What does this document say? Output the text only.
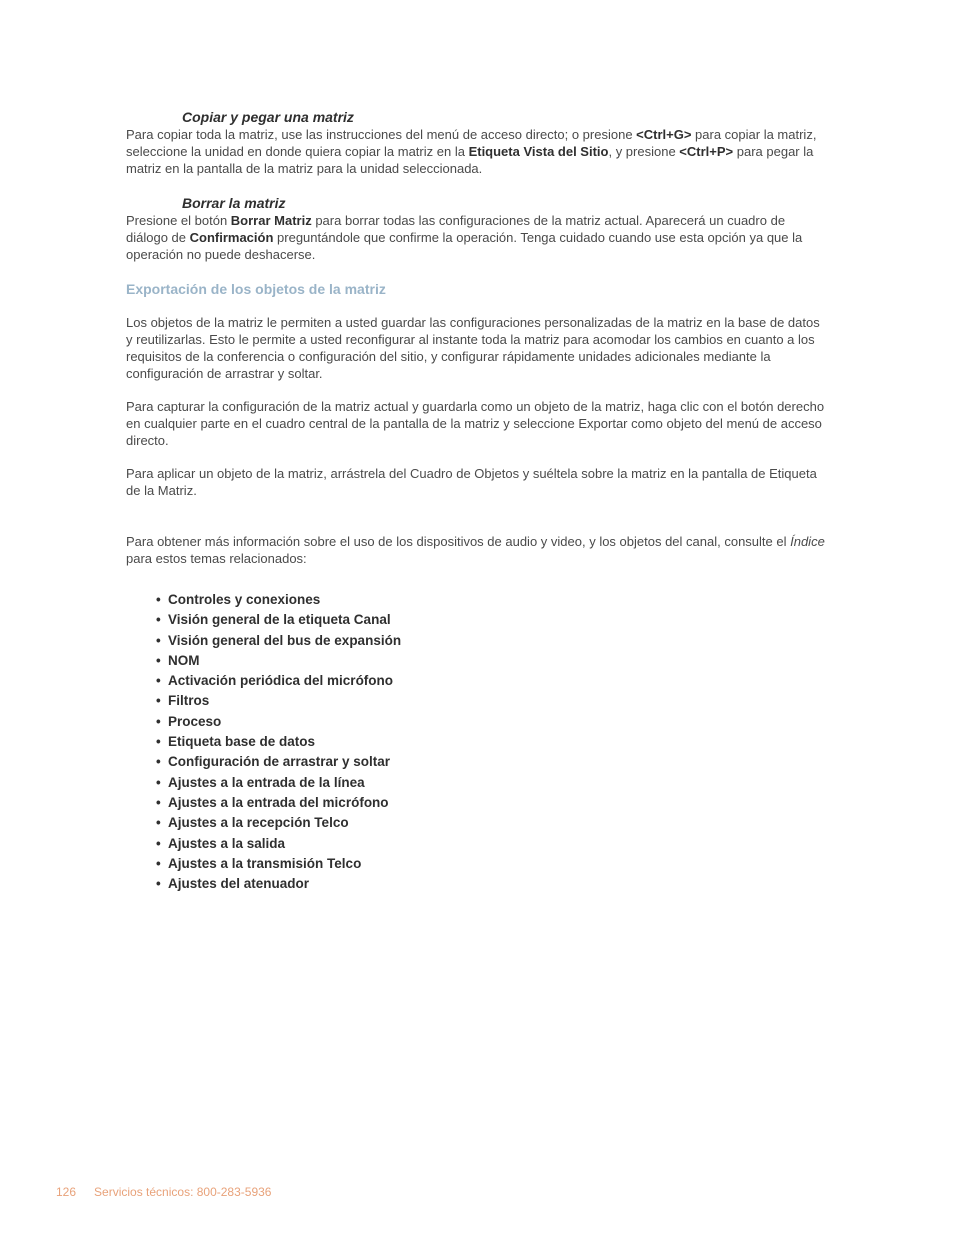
Copiar y pegar una matriz

Para copiar toda la matriz, use las instrucciones del menú de acceso directo; o presione <Ctrl+G> para copiar la matriz, seleccione la unidad en donde quiera copiar la matriz en la Etiqueta Vista del Sitio, y presione <Ctrl+P> para pegar la matriz en la pantalla de la matriz para la unidad seleccionada.

Borrar la matriz

Presione el botón Borrar Matriz para borrar todas las configuraciones de la matriz actual. Aparecerá un cuadro de diálogo de Confirmación preguntándole que confirme la operación. Tenga cuidado cuando use esta opción ya que la operación no puede deshacerse.

Exportación de los objetos de la matriz

Los objetos de la matriz le permiten a usted guardar las configuraciones personalizadas de la matriz en la base de datos y reutilizarlas. Esto le permite a usted reconfigurar al instante toda la matriz para acomodar los cambios en cuanto a los requisitos de la conferencia o configuración del sitio, y configurar rápidamente unidades adicionales mediante la configuración de arrastrar y soltar.

Para capturar la configuración de la matriz actual y guardarla como un objeto de la matriz, haga clic con el botón derecho en cualquier parte en el cuadro central de la pantalla de la matriz y seleccione Exportar como objeto del menú de acceso directo.

Para aplicar un objeto de la matriz, arrástrela del Cuadro de Objetos y suéltela sobre la matriz en la pantalla de Etiqueta de la Matriz.

Para obtener más información sobre el uso de los dispositivos de audio y video, y los objetos del canal, consulte el Índice para estos temas relacionados:

• Controles y conexiones
• Visión general de la etiqueta Canal
• Visión general del bus de expansión
• NOM
• Activación periódica del micrófono
• Filtros
• Proceso
• Etiqueta base de datos
• Configuración de arrastrar y soltar
• Ajustes a la entrada de la línea
• Ajustes a la entrada del micrófono
• Ajustes a la recepción Telco
• Ajustes a la salida
• Ajustes a la transmisión Telco
• Ajustes del atenuador
126 Servicios técnicos: 800-283-5936
